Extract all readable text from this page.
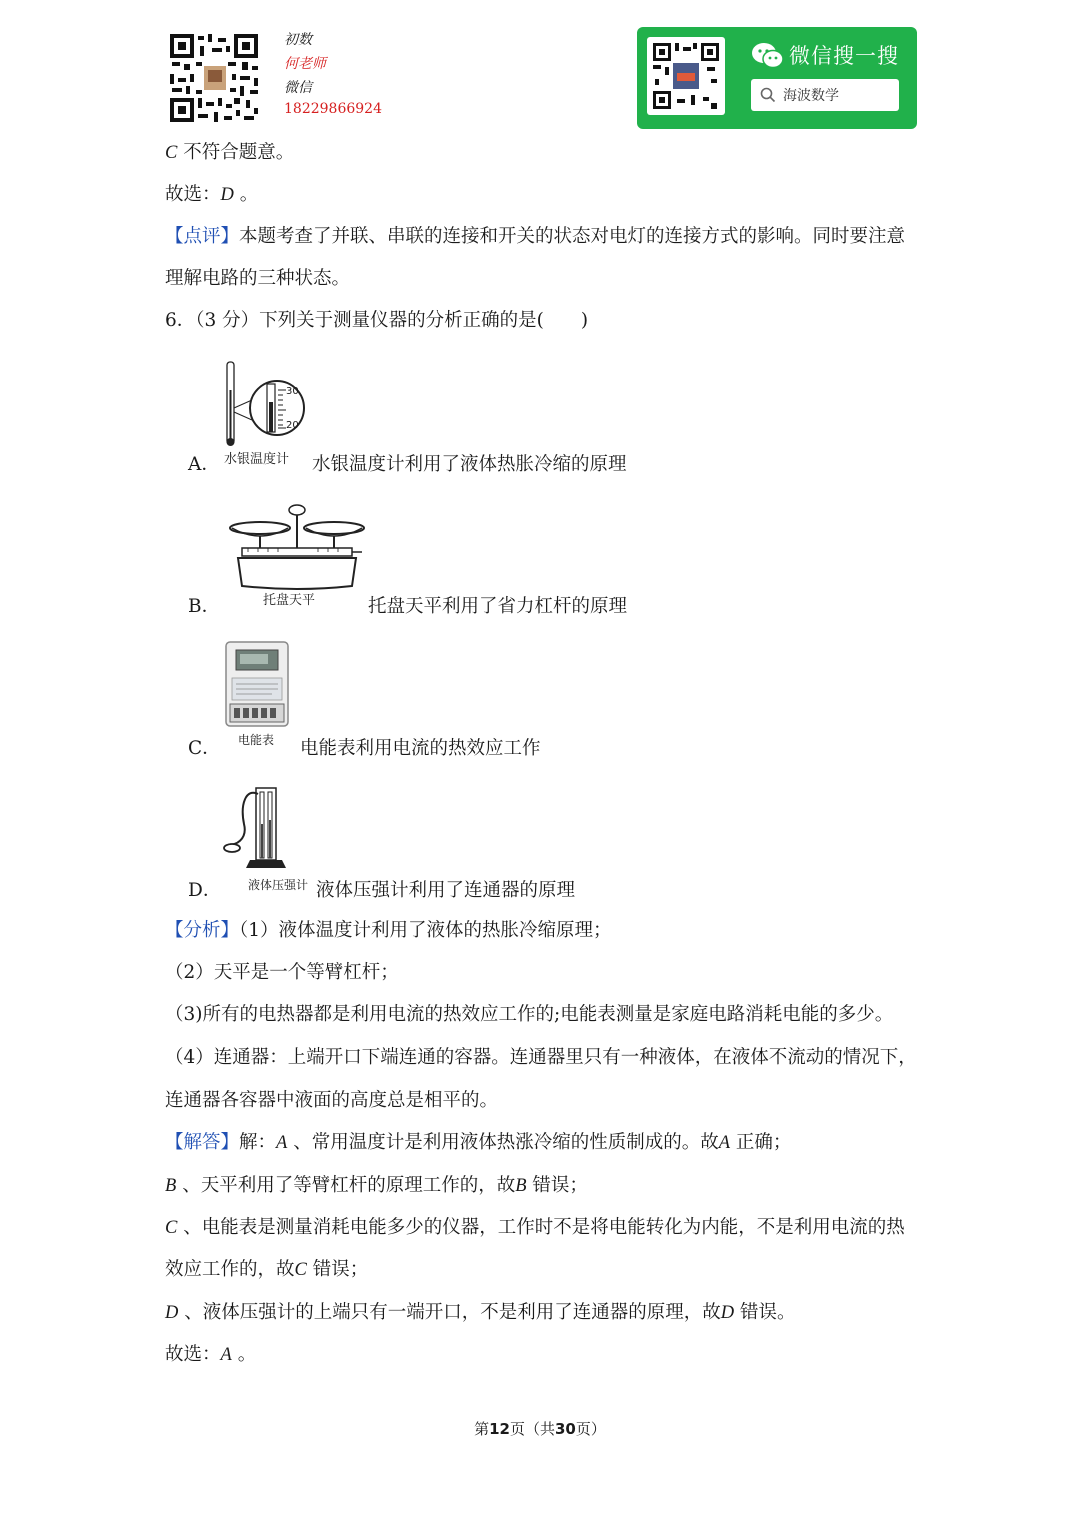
初数
何老师
微信
18229866924
微信搜一搜
海波数学
C 不符合题意。
故选：D 。
【点评】本题考查了并联、串联的连接和开关的状态对电灯的连接方式的影响。同时要注意
理解电路的三种状态。
6．（3 分）下列关于测量仪器的分析正确的是(　　)
30
20
水银温度计
A．	水银温度计利用了液体热胀冷缩的原理
托盘天平
B．	托盘天平利用了省力杠杆的原理
电能表
C．	电能表利用电流的热效应工作
液体压强计
D．	液体压强计利用了连通器的原理
【分析】（1）液体温度计利用了液体的热胀冷缩原理；
（2）天平是一个等臂杠杆；
（3)所有的电热器都是利用电流的热效应工作的;电能表测量是家庭电路消耗电能的多少。
（4）连通器：上端开口下端连通的容器。连通器里只有一种液体，在液体不流动的情况下，
连通器各容器中液面的高度总是相平的。
【解答】解：A 、常用温度计是利用液体热涨冷缩的性质制成的。故A 正确；
B 、天平利用了等臂杠杆的原理工作的，故B 错误；
C 、电能表是测量消耗电能多少的仪器，工作时不是将电能转化为内能，不是利用电流的热
效应工作的，故C 错误；
D 、液体压强计的上端只有一端开口，不是利用了连通器的原理，故D 错误。
故选：A 。
第12页（共30页）
